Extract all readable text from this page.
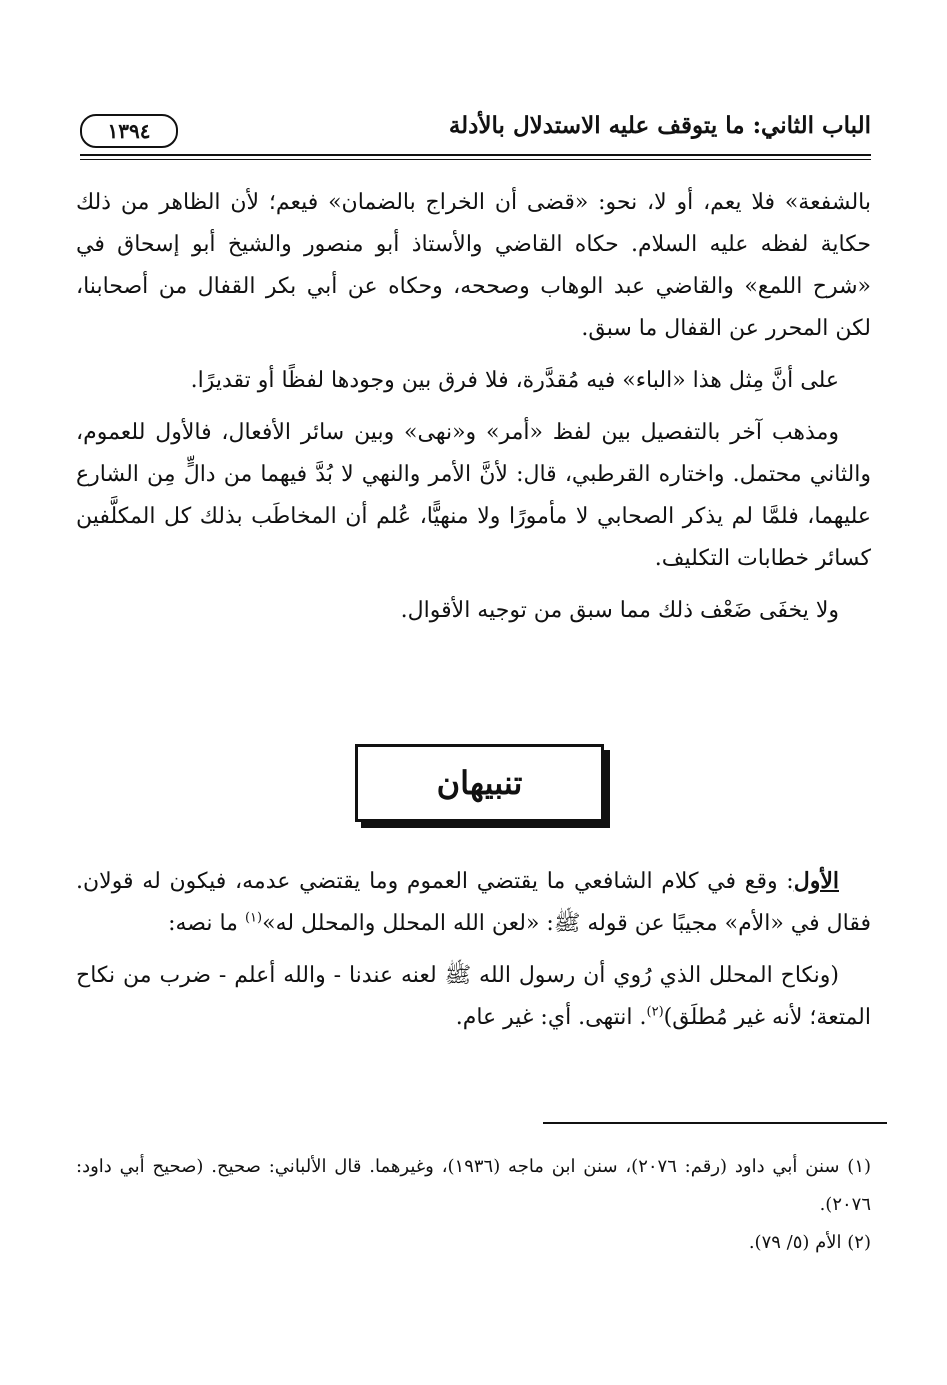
الباب الثاني: ما يتوقف عليه الاستدلال بالأدلة
١٣٩٤

بالشفعة» فلا يعم، أو لا، نحو: «قضى أن الخراج بالضمان» فيعم؛ لأن الظاهر من ذلك حكاية لفظه عليه السلام. حكاه القاضي والأستاذ أبو منصور والشيخ أبو إسحاق في «شرح اللمع» والقاضي عبد الوهاب وصححه، وحكاه عن أبي بكر القفال من أصحابنا، لكن المحرر عن القفال ما سبق.

على أنَّ مِثل هذا «الباء» فيه مُقدَّرة، فلا فرق بين وجودها لفظًا أو تقديرًا.

ومذهب آخر بالتفصيل بين لفظ «أمر» و«نهى» وبين سائر الأفعال، فالأول للعموم، والثاني محتمل. واختاره القرطبي، قال: لأنَّ الأمر والنهي لا بُدَّ فيهما من دالٍّ مِن الشارع عليهما، فلمَّا لم يذكر الصحابي لا مأمورًا ولا منهيًّا، عُلم أن المخاطَب بذلك كل المكلَّفين كسائر خطابات التكليف.

ولا يخفَى ضَعْف ذلك مما سبق من توجيه الأقوال.

تنبيهان

الأول: وقع في كلام الشافعي ما يقتضي العموم وما يقتضي عدمه، فيكون له قولان. فقال في «الأم» مجيبًا عن قوله ﷺ: «لعن الله المحلل والمحلل له»$^{(١)}$ ما نصه:

(ونكاح المحلل الذي رُوي أن رسول الله ﷺ لعنه عندنا - والله أعلم - ضرب من نكاح المتعة؛ لأنه غير مُطلَق)$^{(٢)}$. انتهى. أي: غير عام.

(١) سنن أبي داود (رقم: ٢٠٧٦)، سنن ابن ماجه (١٩٣٦)، وغيرهما. قال الألباني: صحيح. (صحيح أبي داود: ٢٠٧٦).

(٢) الأم (٥/ ٧٩).
